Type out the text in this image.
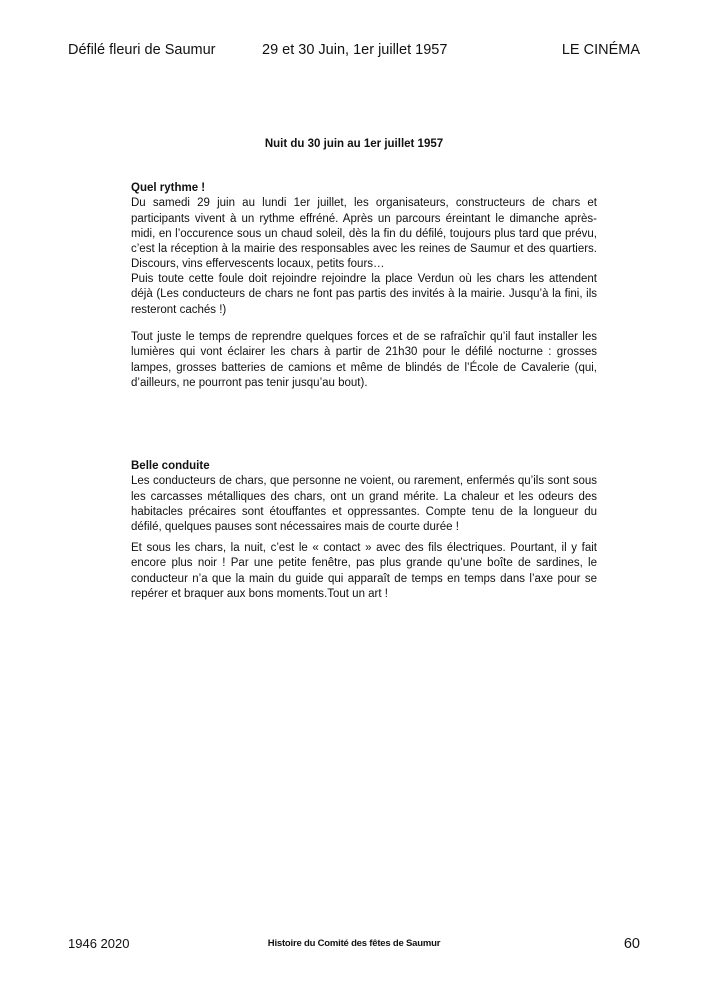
Défilé fleuri de Saumur	29 et 30 Juin, 1er juillet 1957	LE CINÉMA
Nuit du 30 juin au 1er juillet 1957
Quel rythme !

Du samedi 29 juin au lundi 1er juillet, les organisateurs, constructeurs de chars et participants vivent à un rythme effréné. Après un parcours éreintant le dimanche après-midi, en l’occurence sous un chaud soleil, dès la fin du défilé, toujours plus tard que prévu, c’est la réception à la mairie des responsables avec les reines de Saumur et des quartiers. Discours, vins effervescents locaux, petits fours…

Puis toute cette foule doit rejoindre rejoindre la place Verdun où les chars les attendent déjà (Les conducteurs de chars ne font pas partis des invités à la mairie. Jusqu’à la fini, ils resteront cachés !)

Tout juste le temps de reprendre quelques forces et de se rafraîchir qu’il faut installer les lumières qui vont éclairer les chars à partir de 21h30 pour le défilé nocturne : grosses lampes, grosses batteries de camions et même de blindés de l’École de Cavalerie (qui, d’ailleurs, ne pourront pas tenir jusqu’au bout).

Belle conduite

Les conducteurs de chars, que personne ne voient, ou rarement, enfermés qu’ils sont sous les carcasses métalliques des chars, ont un grand mérite. La chaleur et les odeurs des habitacles précaires sont étouffantes et oppressantes. Compte tenu de la longueur du défilé, quelques pauses sont nécessaires mais de courte durée !

Et sous les chars, la nuit, c’est le « contact » avec des fils électriques. Pourtant, il y fait encore plus noir ! Par une petite fenêtre, pas plus grande qu’une boîte de sardines, le conducteur n’a que la main du guide qui apparaît de temps en temps dans l’axe pour se repérer et braquer aux bons moments.Tout un art !

1946 2020	Histoire du Comité des fêtes de Saumur	60
